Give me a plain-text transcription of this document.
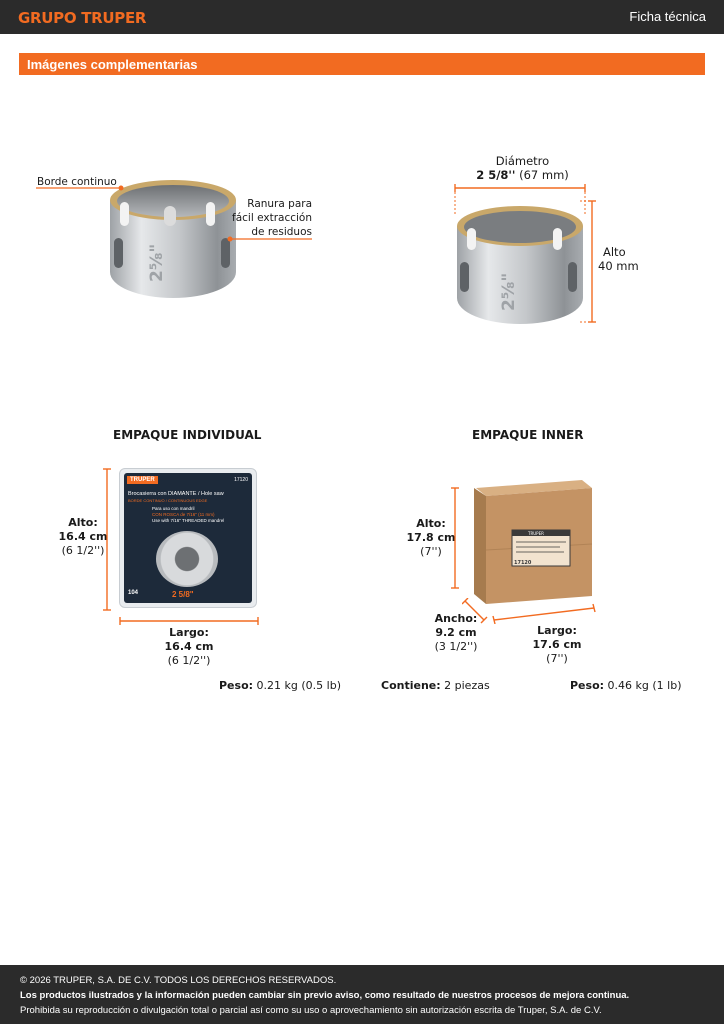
GRUPO TRUPER	Ficha técnica
Imágenes complementarias
2⅝"
Borde continuo
Ranura para
fácil extracción
de residuos
Diámetro
2 5/8'' (67 mm)
2⅝"
Alto
40 mm
EMPAQUE INDIVIDUAL
Alto:
16.4 cm
(6 1/2'')
TRUPER	17120
Brocasierra con DIAMANTE / Hole saw
BORDE CONTINUO / CONTINUOUS EDGE
Para uso con mandril
CON ROSCA de 7/16" (11 mm)
Use with 7/16" THREADED mandrel
2 5/8"
104
Largo:
16.4 cm
(6 1/2'')
Peso: 0.21 kg (0.5 lb)
EMPAQUE INNER
Alto:
17.8 cm
(7'')
TRUPER
17120
Ancho:
9.2 cm
(3 1/2'')
Largo:
17.6 cm
(7'')
Contiene: 2 piezas	Peso: 0.46 kg (1 lb)
© 2026 TRUPER, S.A. DE C.V. TODOS LOS DERECHOS RESERVADOS.
Los productos ilustrados y la información pueden cambiar sin previo aviso, como resultado de nuestros procesos de mejora continua.
Prohibida su reproducción o divulgación total o parcial así como su uso o aprovechamiento sin autorización escrita de Truper, S.A. de C.V.
